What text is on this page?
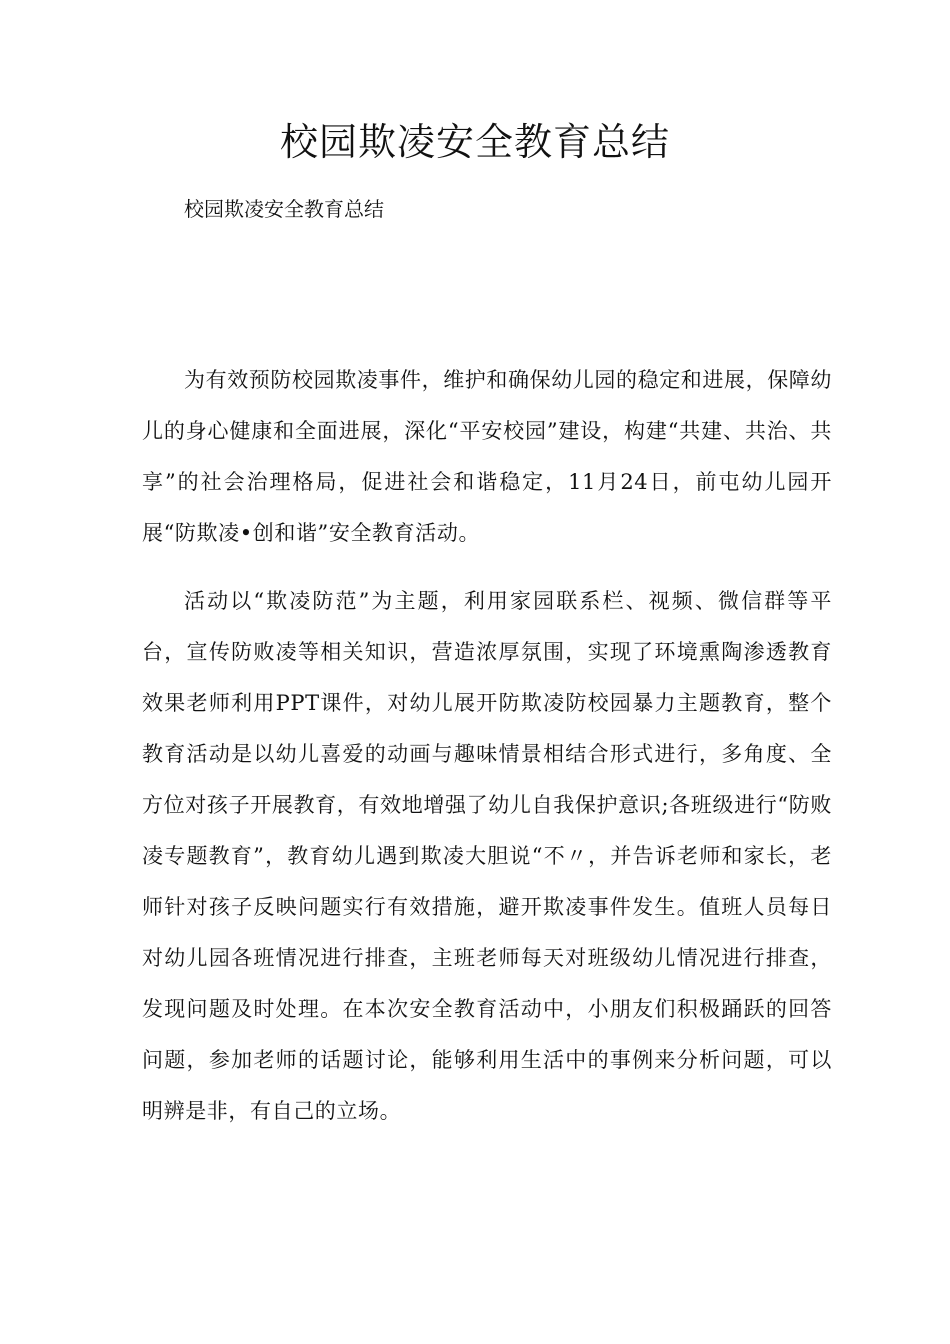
校园欺凌安全教育总结

校园欺凌安全教育总结

为有效预防校园欺凌事件，维护和确保幼儿园的稳定和进展，保障幼儿的身心健康和全面进展，深化“平安校园”建设，构建“共建、共治、共享”的社会治理格局，促进社会和谐稳定，11月24日，前屯幼儿园开展“防欺凌•创和谐”安全教育活动。

活动以“欺凌防范”为主题，利用家园联系栏、视频、微信群等平台，宣传防败凌等相关知识，营造浓厚氛围，实现了环境熏陶渗透教育效果老师利用PPT课件，对幼儿展开防欺凌防校园暴力主题教育，整个教育活动是以幼儿喜爱的动画与趣味情景相结合形式进行，多角度、全方位对孩子开展教育，有效地增强了幼儿自我保护意识;各班级进行“防败凌专题教育”，教育幼儿遇到欺凌大胆说“不〃，并告诉老师和家长，老师针对孩子反映问题实行有效措施，避开欺凌事件发生。值班人员每日对幼儿园各班情况进行排查，主班老师每天对班级幼儿情况进行排查，发现问题及时处理。在本次安全教育活动中，小朋友们积极踊跃的回答问题，参加老师的话题讨论，能够利用生活中的事例来分析问题，可以明辨是非，有自己的立场。
